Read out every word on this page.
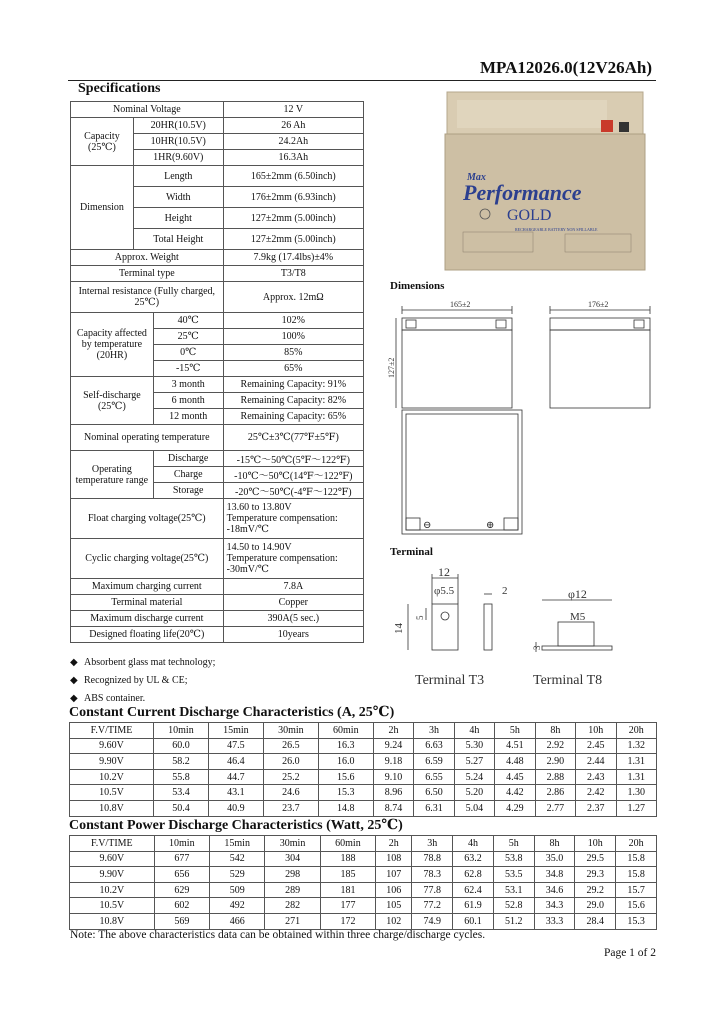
MPA12026.0(12V26Ah)
Specifications
Nominal Voltage			12 V
Capacity (25℃)	20HR(10.5V)		26 Ah
	10HR(10.5V)		24.2Ah
	1HR(9.60V)		16.3Ah
Dimension	Length		165±2mm (6.50inch)
	Width		176±2mm (6.93inch)
	Height		127±2mm (5.00inch)
	Total Height		127±2mm (5.00inch)
Approx. Weight			7.9kg (17.4lbs)±4%
Terminal type			T3/T8
Internal resistance (Fully charged, 25℃)			Approx. 12mΩ
Capacity affected by temperature (20HR)		40℃	102%
		25℃	100%
		0℃	85%
		-15℃	65%
Self-discharge (25℃)		3 month	Remaining Capacity: 91%
		6 month	Remaining Capacity: 82%
		12 month	Remaining Capacity: 65%
Nominal operating temperature			25℃±3℃(77℉±5℉)
Operating temperature range		Discharge	-15℃～50℃(5℉～122℉)
		Charge	-10℃～50℃(14℉～122℉)
		Storage	-20℃～50℃(-4℉～122℉)
Float charging voltage(25℃)			13.60 to 13.80V
Temperature compensation: -18mV/℃

Cyclic charging voltage(25℃)			14.50 to 14.90V
Temperature compensation: -30mV/℃

Maximum charging current			7.8A
Terminal material			Copper
Maximum discharge current			390A(5 sec.)
Designed floating life(20℃)			10years
◆ Absorbent glass mat technology;
◆ Recognized by UL & CE;
◆ ABS container.
Max
Performance
GOLD
RECHARGEABLE BATTERY NON SPILLABLE
Dimensions
165±2	176±2
127±2
⊖	⊕
Terminal
12
φ5.5	2
14
5
φ12
M5
3
Terminal T3	Terminal T8
Constant Current Discharge Characteristics (A, 25℃)
F.V/TIME	10min	15min	30min	60min	2h	3h	4h	5h	8h	10h	20h
9.60V	60.0	47.5	26.5	16.3	9.24	6.63	5.30	4.51	2.92	2.45	1.32
9.90V	58.2	46.4	26.0	16.0	9.18	6.59	5.27	4.48	2.90	2.44	1.31
10.2V	55.8	44.7	25.2	15.6	9.10	6.55	5.24	4.45	2.88	2.43	1.31
10.5V	53.4	43.1	24.6	15.3	8.96	6.50	5.20	4.42	2.86	2.42	1.30
10.8V	50.4	40.9	23.7	14.8	8.74	6.31	5.04	4.29	2.77	2.37	1.27
Constant Power Discharge Characteristics (Watt, 25℃)
F.V/TIME	10min	15min	30min	60min	2h	3h	4h	5h	8h	10h	20h
9.60V	677	542	304	188	108	78.8	63.2	53.8	35.0	29.5	15.8
9.90V	656	529	298	185	107	78.3	62.8	53.5	34.8	29.3	15.8
10.2V	629	509	289	181	106	77.8	62.4	53.1	34.6	29.2	15.7
10.5V	602	492	282	177	105	77.2	61.9	52.8	34.3	29.0	15.6
10.8V	569	466	271	172	102	74.9	60.1	51.2	33.3	28.4	15.3
Note: The above characteristics data can be obtained within three charge/discharge cycles.
Page 1 of 2
